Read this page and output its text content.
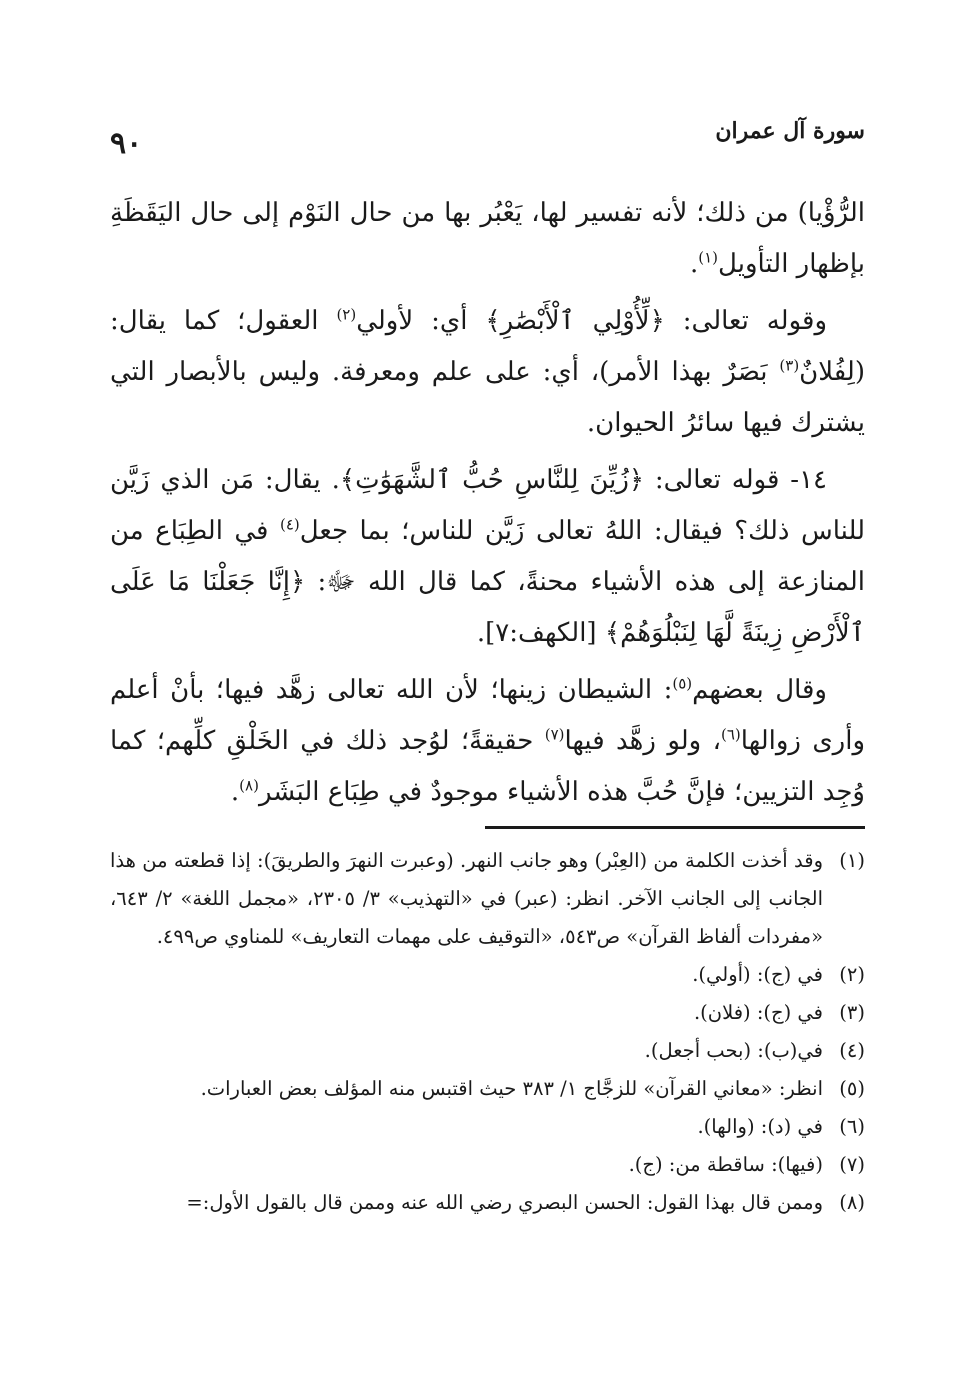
سورة آل عمران
٩٠

الرُّؤْيا) من ذلك؛ لأنه تفسير لها، يَعْبُر بها من حال النَوْم إلى حال اليَقَظَةِ بإظهار التأويل$^{(١)}$.

وقوله تعالى: ﴿لِّأُوْلِي ٱلْأَبْصَٰرِ﴾ أي: لأولي$^{(٢)}$ العقول؛ كما يقال: (لِفُلانٌ$^{(٣)}$ بَصَرٌ بهذا الأمر)، أي: على علم ومعرفة. وليس بالأبصار التي يشترك فيها سائرُ الحيوان.

١٤- قوله تعالى: ﴿زُيِّنَ لِلنَّاسِ حُبُّ ٱلشَّهَوَٰتِ﴾. يقال: مَن الذي زَيَّن للناس ذلك؟ فيقال: اللهُ تعالى زَيَّن للناس؛ بما جعل$^{(٤)}$ في الطِبَاع من المنازعة إلى هذه الأشياء محنةً، كما قال الله ﷻ: ﴿إِنَّا جَعَلْنَا مَا عَلَى ٱلْأَرْضِ زِينَةً لَّهَا لِنَبْلُوَهُمْ﴾ [الكهف:٧].

وقال بعضهم$^{(٥)}$: الشيطان زينها؛ لأن الله تعالى زهَّد فيها؛ بأنْ أعلم وأرى زوالها$^{(٦)}$، ولو زهَّد فيها$^{(٧)}$ حقيقةً؛ لوُجد ذلك في الخَلْقِ كلِّهم؛ كما وُجِد التزيين؛ فإنَّ حُبَّ هذه الأشياء موجودٌ في طِبَاع البَشَر$^{(٨)}$.

(١)
وقد أخذت الكلمة من (العِبْر) وهو جانب النهر. (وعبرت النهرَ والطريقَ): إذا قطعته من هذا الجانب إلى الجانب الآخر. انظر: (عبر) في «التهذيب» ٣/ ٢٣٠٥، «مجمل اللغة» ٢/ ٦٤٣، «مفردات ألفاظ القرآن» ص٥٤٣، «التوقيف على مهمات التعاريف» للمناوي ص٤٩٩.
(٢)
في (ج): (أولي).
(٣)
في (ج): (فلان).
(٤)
في(ب): (بحب أجعل).
(٥)
انظر: «معاني القرآن» للزجَّاج ١/ ٣٨٣ حيث اقتبس منه المؤلف بعض العبارات.
(٦)
في (د): (والها).
(٧)
(فيها): ساقطة من: (ج).
(٨)
وممن قال بهذا القول: الحسن البصري رضي الله عنه وممن قال بالقول الأول:=
